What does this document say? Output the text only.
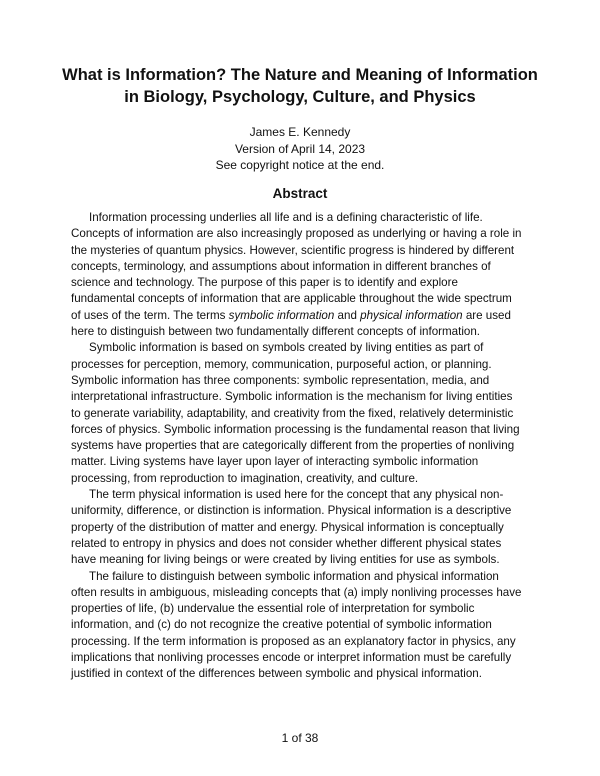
What is Information? The Nature and Meaning of Information
in Biology, Psychology, Culture, and Physics
James E. Kennedy
Version of April 14, 2023
See copyright notice at the end.
Abstract

Information processing underlies all life and is a defining characteristic of life.
Concepts of information are also increasingly proposed as underlying or having a role in
the mysteries of quantum physics. However, scientific progress is hindered by different
concepts, terminology, and assumptions about information in different branches of
science and technology. The purpose of this paper is to identify and explore
fundamental concepts of information that are applicable throughout the wide spectrum
of uses of the term. The terms symbolic information and physical information are used
here to distinguish between two fundamentally different concepts of information.

Symbolic information is based on symbols created by living entities as part of
processes for perception, memory, communication, purposeful action, or planning.
Symbolic information has three components: symbolic representation, media, and
interpretational infrastructure. Symbolic information is the mechanism for living entities
to generate variability, adaptability, and creativity from the fixed, relatively deterministic
forces of physics. Symbolic information processing is the fundamental reason that living
systems have properties that are categorically different from the properties of nonliving
matter. Living systems have layer upon layer of interacting symbolic information
processing, from reproduction to imagination, creativity, and culture.

The term physical information is used here for the concept that any physical non-
uniformity, difference, or distinction is information. Physical information is a descriptive
property of the distribution of matter and energy. Physical information is conceptually
related to entropy in physics and does not consider whether different physical states
have meaning for living beings or were created by living entities for use as symbols.

The failure to distinguish between symbolic information and physical information
often results in ambiguous, misleading concepts that (a) imply nonliving processes have
properties of life, (b) undervalue the essential role of interpretation for symbolic
information, and (c) do not recognize the creative potential of symbolic information
processing. If the term information is proposed as an explanatory factor in physics, any
implications that nonliving processes encode or interpret information must be carefully
justified in context of the differences between symbolic and physical information.

1 of 38
